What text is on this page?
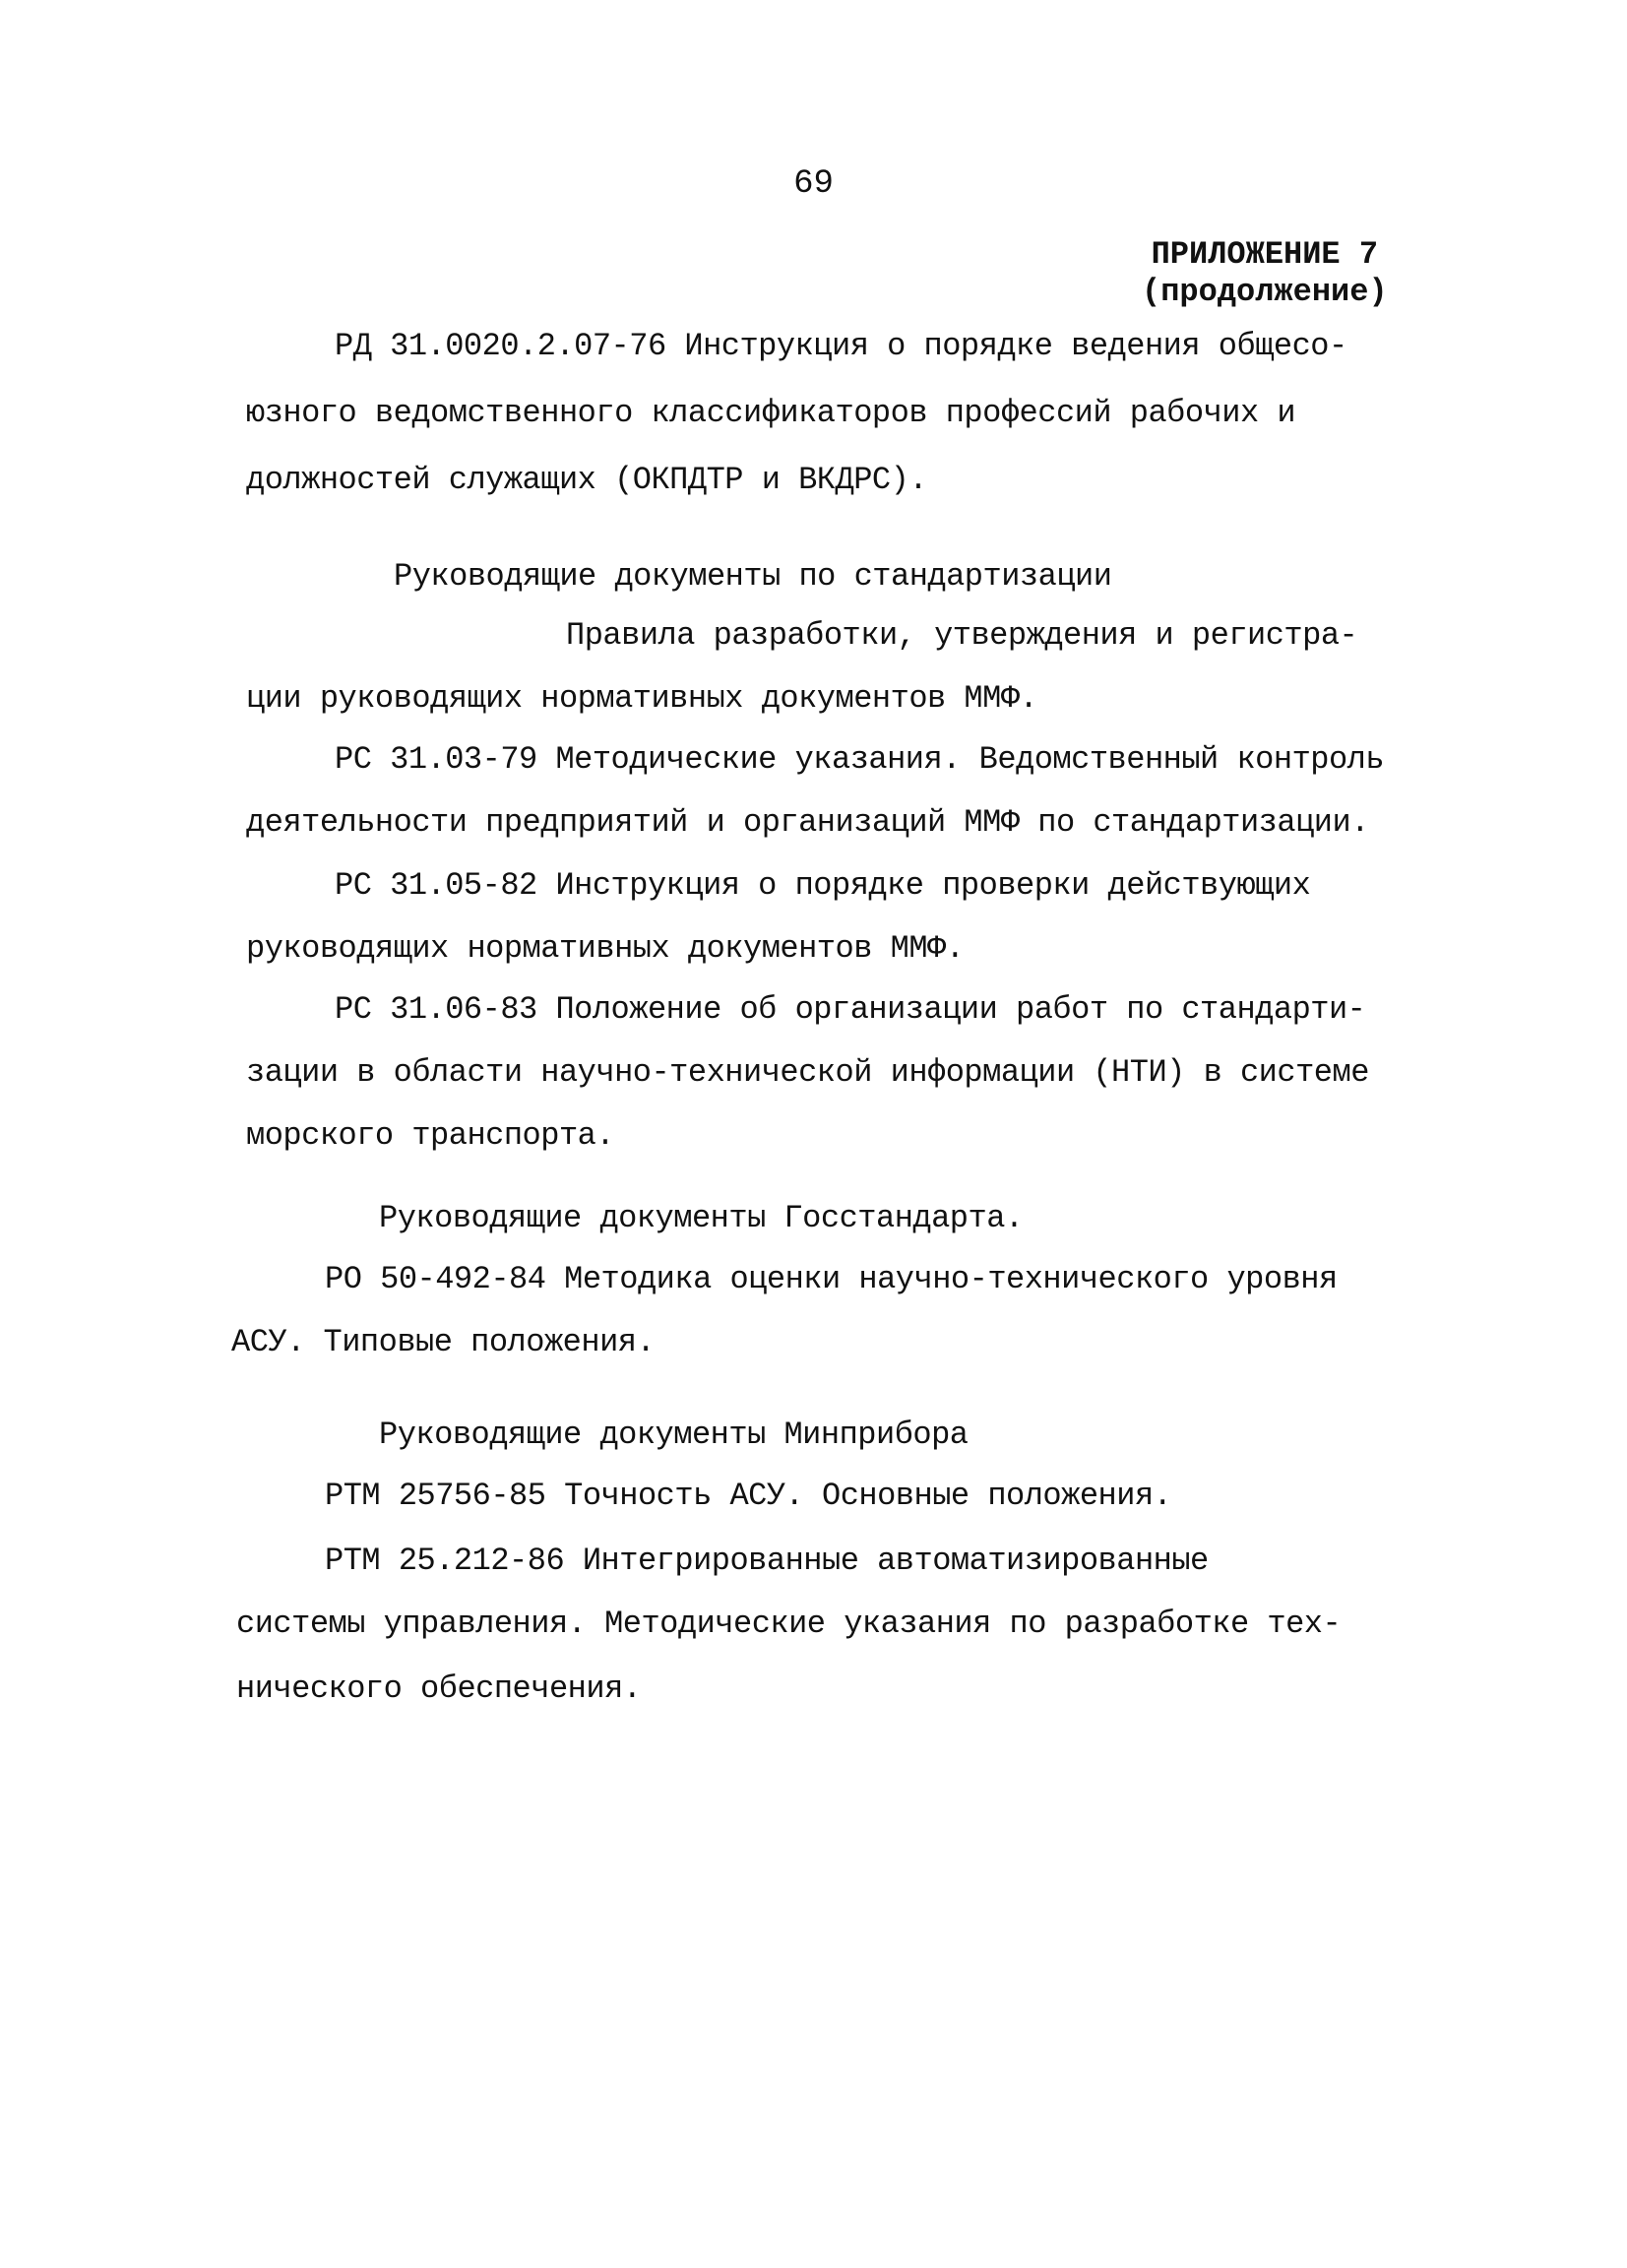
69
ПРИЛОЖЕНИЕ 7
(продолжение)
РД 31.0020.2.07-76 Инструкция о порядке ведения общесо-
юзного ведомственного классификаторов профессий рабочих и
должностей служащих (ОКПДТР и ВКДРС).
Руководящие документы по стандартизации
Правила разработки, утверждения и регистра-
ции руководящих нормативных документов ММФ.
РС 31.03-79 Методические указания. Ведомственный контроль
деятельности предприятий и организаций ММФ по стандартизации.
РС 31.05-82 Инструкция о порядке проверки действующих
руководящих нормативных документов ММФ.
РС 31.06-83 Положение об организации работ по стандарти-
зации в области научно-технической информации (НТИ) в системе
морского транспорта.
Руководящие документы Госстандарта.
РО 50-492-84 Методика оценки научно-технического уровня
АСУ. Типовые положения.
Руководящие документы Минприбора
РТМ 25756-85 Точность АСУ. Основные положения.
РТМ 25.212-86 Интегрированные автоматизированные
системы управления. Методические указания по разработке тех-
нического обеспечения.
